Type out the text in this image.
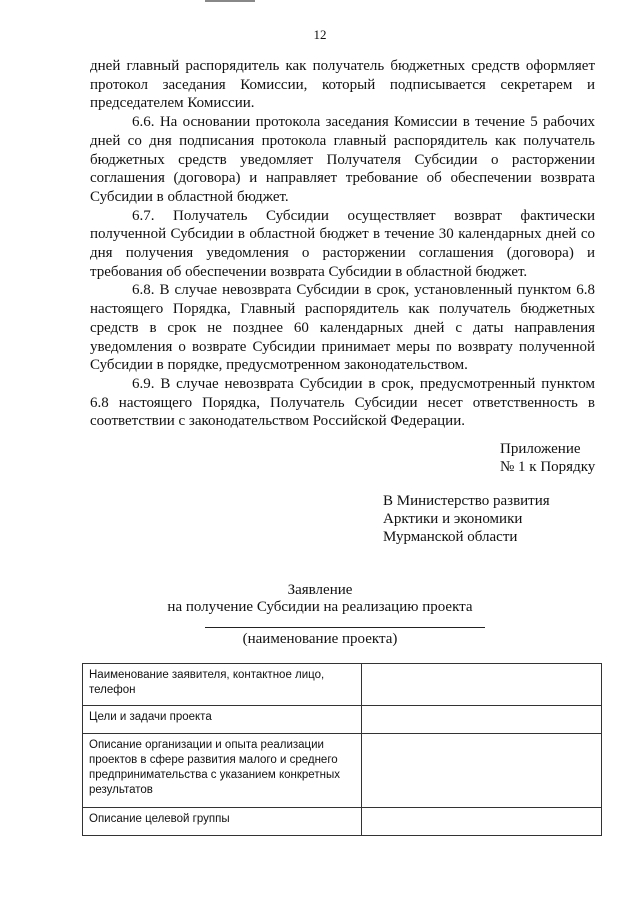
12
дней главный распорядитель как получатель бюджетных средств оформляет
протокол заседания Комиссии, который подписывается секретарем и
председателем Комиссии.
6.6. На основании протокола заседания Комиссии в течение 5 рабочих
дней со дня подписания протокола главный распорядитель как получатель
бюджетных средств уведомляет Получателя Субсидии о расторжении
соглашения (договора) и направляет требование об обеспечении возврата
Субсидии в областной бюджет.
6.7. Получатель Субсидии осуществляет возврат фактически
полученной Субсидии в областной бюджет в течение 30 календарных дней со
дня получения уведомления о расторжении соглашения (договора) и
требования об обеспечении возврата Субсидии в областной бюджет.
6.8. В случае невозврата Субсидии в срок, установленный пунктом 6.8
настоящего Порядка, Главный распорядитель как получатель бюджетных
средств в срок не позднее 60 календарных дней с даты направления
уведомления о возврате Субсидии принимает меры по возврату полученной
Субсидии в порядке, предусмотренном законодательством.
6.9. В случае невозврата Субсидии в срок, предусмотренный пунктом
6.8 настоящего Порядка, Получатель Субсидии несет ответственность в
соответствии с законодательством Российской Федерации.
Приложение
№ 1 к Порядку
В Министерство развития
Арктики и экономики
Мурманской области
Заявление
на получение Субсидии на реализацию проекта
(наименование проекта)
Наименование заявителя, контактное лицо, телефон	
Цели и задачи проекта	
Описание организации и опыта реализации проектов в сфере развития малого и среднего предпринимательства с указанием конкретных результатов	
Описание целевой группы	
